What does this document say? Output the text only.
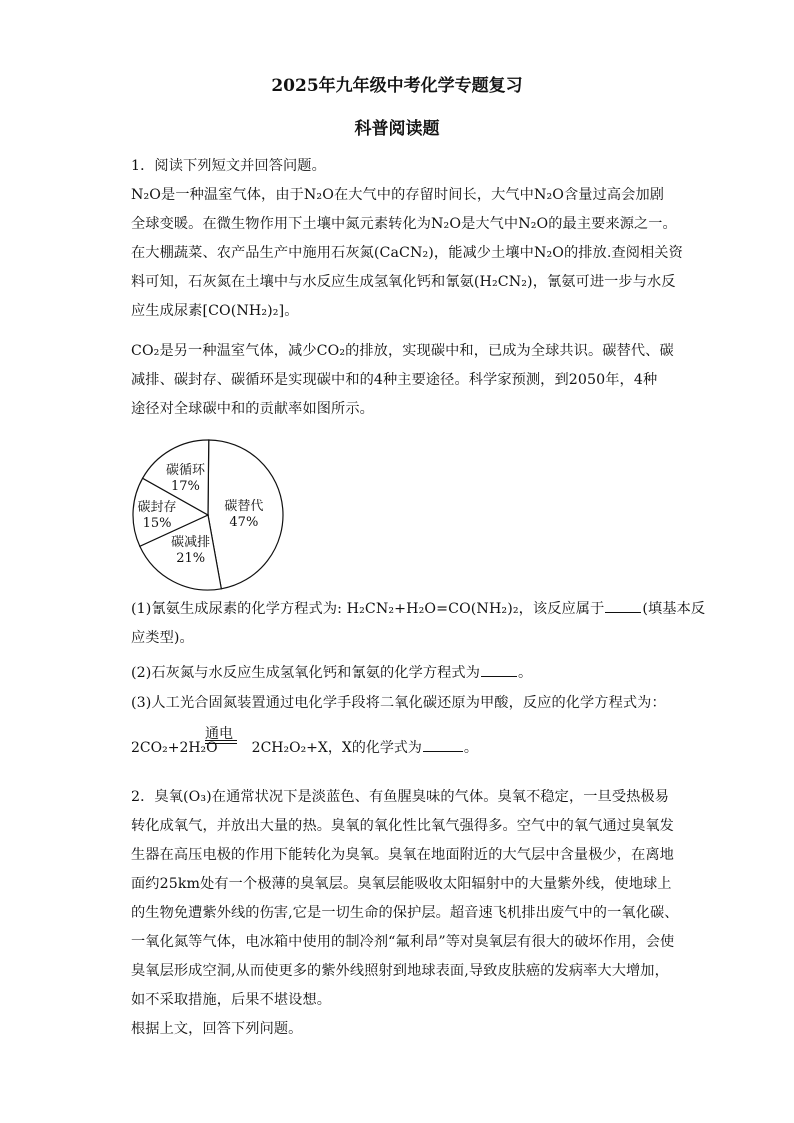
2025年九年级中考化学专题复习
科普阅读题
1．阅读下列短文并回答问题。
N₂O是一种温室气体，由于N₂O在大气中的存留时间长，大气中N₂O含量过高会加剧
全球变暖。在微生物作用下土壤中氮元素转化为N₂O是大气中N₂O的最主要来源之一。
在大棚蔬菜、农产品生产中施用石灰氮(CaCN₂)，能减少土壤中N₂O的排放.查阅相关资
料可知，石灰氮在土壤中与水反应生成氢氧化钙和氰氨(H₂CN₂)，氰氨可进一步与水反
应生成尿素[CO(NH₂)₂]。
CO₂是另一种温室气体，减少CO₂的排放，实现碳中和，已成为全球共识。碳替代、碳
减排、碳封存、碳循环是实现碳中和的4种主要途径。科学家预测，到2050年，4种
途径对全球碳中和的贡献率如图所示。
碳替代
47%
碳减排
21%
碳封存
15%
碳循环
17%
(1)氰氨生成尿素的化学方程式为: H₂CN₂+H₂O=CO(NH₂)₂，该反应属于	(填基本反
应类型)。
(2)石灰氮与水反应生成氢氧化钙和氰氨的化学方程式为	。
(3)人工光合固氮装置通过电化学手段将二氧化碳还原为甲酸，反应的化学方程式为：
通电
2CO₂+2H₂O 2CH₂O₂+X，X的化学式为	。
2．臭氧(O₃)在通常状况下是淡蓝色、有鱼腥臭味的气体。臭氧不稳定，一旦受热极易
转化成氧气，并放出大量的热。臭氧的氧化性比氧气强得多。空气中的氧气通过臭氧发
生器在高压电极的作用下能转化为臭氧。臭氧在地面附近的大气层中含量极少，在离地
面约25km处有一个极薄的臭氧层。臭氧层能吸收太阳辐射中的大量紫外线，使地球上
的生物免遭紫外线的伤害,它是一切生命的保护层。超音速飞机排出废气中的一氧化碳、
一氧化氮等气体，电冰箱中使用的制冷剂“氟利昂”等对臭氧层有很大的破坏作用，会使
臭氧层形成空洞,从而使更多的紫外线照射到地球表面,导致皮肤癌的发病率大大增加，
如不采取措施，后果不堪设想。
根据上文，回答下列问题。
